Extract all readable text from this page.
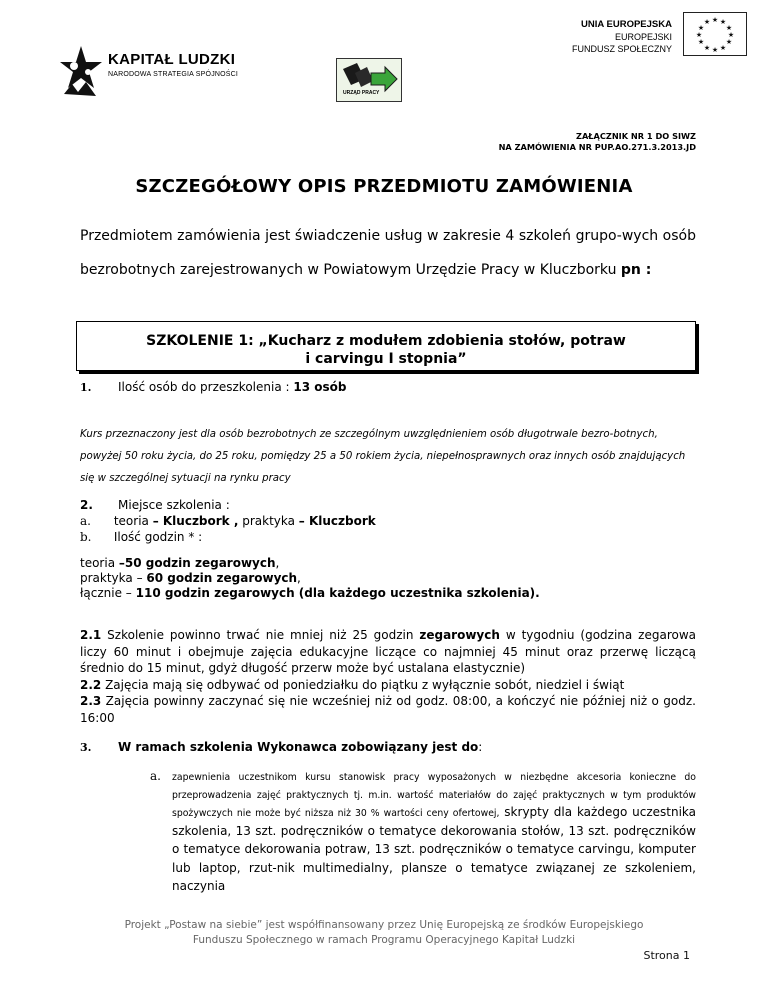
KAPITAŁ LUDZKI
NARODOWA STRATEGIA SPÓJNOŚCI
URZĄD PRACY
UNIA EUROPEJSKA
EUROPEJSKI
FUNDUSZ SPOŁECZNY
★ ★
★
★
★
★
★
★
★
★
★
★
ZAŁĄCZNIK NR 1 DO SIWZ
NA ZAMÓWIENIA NR PUP.AO.271.3.2013.JD
SZCZEGÓŁOWY OPIS PRZEDMIOTU ZAMÓWIENIA

Przedmiotem zamówienia jest świadczenie usług w zakresie 4 szkoleń grupo-wych osób bezrobotnych zarejestrowanych w Powiatowym Urzędzie Pracy w Kluczborku pn :

SZKOLENIE 1: „Kucharz z modułem zdobienia stołów, potraw
i carvingu I stopnia”
1. Ilość osób do przeszkolenia : 13 osób
Kurs przeznaczony jest dla osób bezrobotnych ze szczególnym uwzględnieniem osób długotrwale bezro-botnych, powyżej 50 roku życia, do 25 roku, pomiędzy 25 a 50 rokiem życia, niepełnosprawnych oraz innych osób znajdujących się w szczególnej sytuacji na rynku pracy
2. Miejsce szkolenia :
a. teoria – Kluczbork , praktyka – Kluczbork
b. Ilość godzin * :
teoria –50 godzin zegarowych,
praktyka – 60 godzin zegarowych,
łącznie – 110 godzin zegarowych (dla każdego uczestnika szkolenia).
2.1 Szkolenie powinno trwać nie mniej niż 25 godzin zegarowych w tygodniu (godzina zegarowa liczy 60 minut i obejmuje zajęcia edukacyjne liczące co najmniej 45 minut oraz przerwę liczącą średnio do 15 minut, gdyż długość przerw może być ustalana elastycznie)
2.2 Zajęcia mają się odbywać od poniedziałku do piątku z wyłącznie sobót, niedziel i świąt
2.3 Zajęcia powinny zaczynać się nie wcześniej niż od godz. 08:00, a kończyć nie później niż o godz. 16:00
3. W ramach szkolenia Wykonawca zobowiązany jest do:
a. zapewnienia uczestnikom kursu stanowisk pracy wyposażonych w niezbędne akcesoria konieczne do przeprowadzenia zajęć praktycznych tj. m.in. wartość materiałów do zajęć praktycznych w tym produktów spożywczych nie może być niższa niż 30 % wartości ceny ofertowej, skrypty dla każdego uczestnika szkolenia, 13 szt. podręczników o tematyce dekorowania stołów, 13 szt. podręczników o tematyce dekorowania potraw, 13 szt. podręczników o tematyce carvingu, komputer lub laptop, rzut-nik multimedialny, plansze o tematyce związanej ze szkoleniem, naczynia
Projekt „Postaw na siebie” jest współfinansowany przez Unię Europejską ze środków Europejskiego
Funduszu Społecznego w ramach Programu Operacyjnego Kapitał Ludzki
Strona 1
